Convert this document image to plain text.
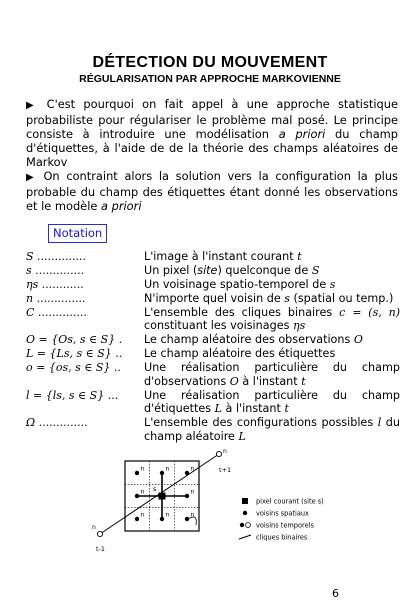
DÉTECTION DU MOUVEMENT
RÉGULARISATION PAR APPROCHE MARKOVIENNE
▶ C'est pourquoi on fait appel à une approche statistique probabiliste pour régulariser le problème mal posé. Le principe consiste à introduire une modélisation a priori du champ d'étiquettes, à l'aide de de la théorie des champs aléatoires de Markov
▶ On contraint alors la solution vers la configuration la plus probable du champ des étiquettes étant donné les observations et le modèle a priori
Notation
S ..............	L'image à l'instant courant t
s ..............	Un pixel (site) quelconque de S
ηs ............	Un voisinage spatio-temporel de s
n ..............	N'importe quel voisin de s (spatial ou temp.)
C ..............	L'ensemble des cliques binaires c = (s, n) constituant les voisinages ηs
O = {Os, s ∈ S} .	Le champ aléatoire des observations O
L = {Ls, s ∈ S} ..	Le champ aléatoire des étiquettes
o = {os, s ∈ S} ..	Une réalisation particulière du champ d'observations O à l'instant t
l = {ls, s ∈ S} ...	Une réalisation particulière du champ d'étiquettes L à l'instant t
Ω ..............	L'ensemble des configurations possibles l du champ aléatoire L
n	n	n
n	n
n	n	n
s
n
t+1
n
t-1
pixel courant (site s)
voisins spatiaux
voisins temporels
cliques binaires
6
